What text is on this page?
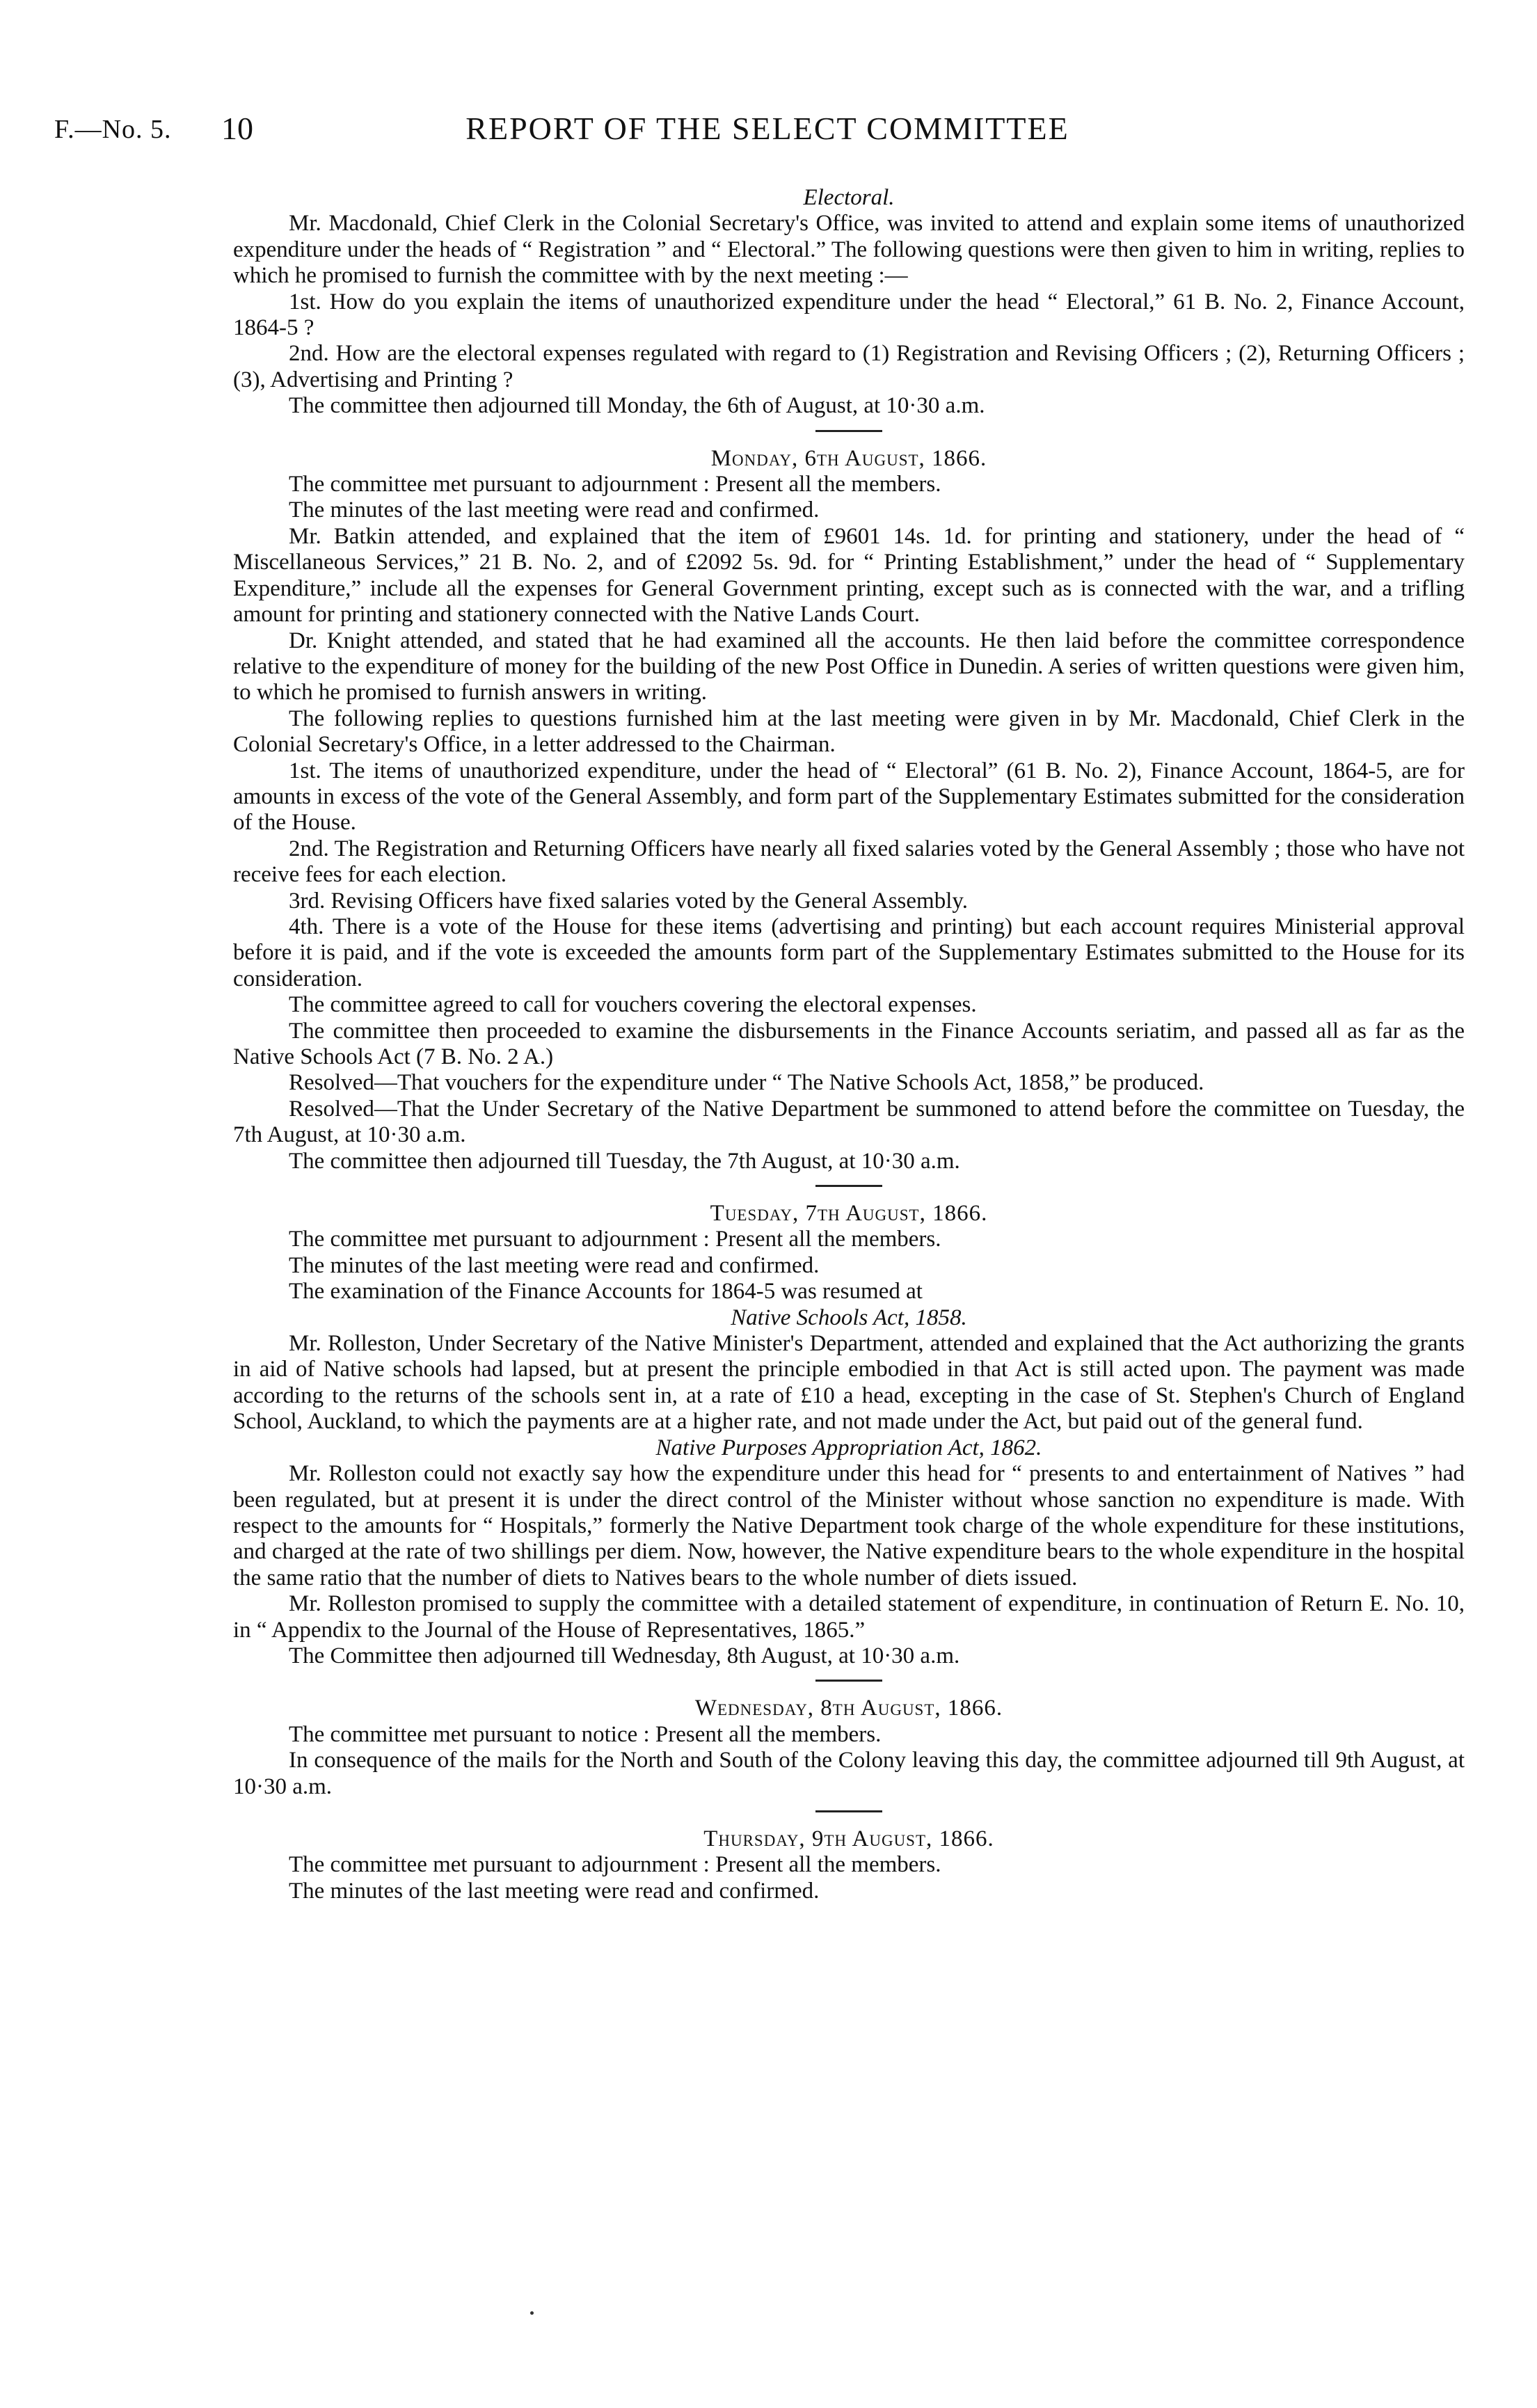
F.—No. 5. 10	REPORT OF THE SELECT COMMITTEE

Electoral.

Mr. Macdonald, Chief Clerk in the Colonial Secretary's Office, was invited to attend and explain some items of unauthorized expenditure under the heads of “ Registration ” and “ Electoral.” The following questions were then given to him in writing, replies to which he promised to furnish the committee with by the next meeting :—

1st. How do you explain the items of unauthorized expenditure under the head “ Electoral,” 61 B. No. 2, Finance Account, 1864-5 ?

2nd. How are the electoral expenses regulated with regard to (1) Registration and Revising Officers ; (2), Returning Officers ; (3), Advertising and Printing ?

The committee then adjourned till Monday, the 6th of August, at 10·30 a.m.

Monday, 6th August, 1866.

The committee met pursuant to adjournment : Present all the members.

The minutes of the last meeting were read and confirmed.

Mr. Batkin attended, and explained that the item of £9601 14s. 1d. for printing and stationery, under the head of “ Miscellaneous Services,” 21 B. No. 2, and of £2092 5s. 9d. for “ Printing Establishment,” under the head of “ Supplementary Expenditure,” include all the expenses for General Government printing, except such as is connected with the war, and a trifling amount for printing and stationery connected with the Native Lands Court.

Dr. Knight attended, and stated that he had examined all the accounts. He then laid before the committee correspondence relative to the expenditure of money for the building of the new Post Office in Dunedin. A series of written questions were given him, to which he promised to furnish answers in writing.

The following replies to questions furnished him at the last meeting were given in by Mr. Macdonald, Chief Clerk in the Colonial Secretary's Office, in a letter addressed to the Chairman.

1st. The items of unauthorized expenditure, under the head of “ Electoral” (61 B. No. 2), Finance Account, 1864-5, are for amounts in excess of the vote of the General Assembly, and form part of the Supplementary Estimates submitted for the consideration of the House.

2nd. The Registration and Returning Officers have nearly all fixed salaries voted by the General Assembly ; those who have not receive fees for each election.

3rd. Revising Officers have fixed salaries voted by the General Assembly.

4th. There is a vote of the House for these items (advertising and printing) but each account requires Ministerial approval before it is paid, and if the vote is exceeded the amounts form part of the Supplementary Estimates submitted to the House for its consideration.

The committee agreed to call for vouchers covering the electoral expenses.

The committee then proceeded to examine the disbursements in the Finance Accounts seriatim, and passed all as far as the Native Schools Act (7 B. No. 2 A.)

Resolved—That vouchers for the expenditure under “ The Native Schools Act, 1858,” be produced.

Resolved—That the Under Secretary of the Native Department be summoned to attend before the committee on Tuesday, the 7th August, at 10·30 a.m.

The committee then adjourned till Tuesday, the 7th August, at 10·30 a.m.

Tuesday, 7th August, 1866.

The committee met pursuant to adjournment : Present all the members.

The minutes of the last meeting were read and confirmed.

The examination of the Finance Accounts for 1864-5 was resumed at

Native Schools Act, 1858.

Mr. Rolleston, Under Secretary of the Native Minister's Department, attended and explained that the Act authorizing the grants in aid of Native schools had lapsed, but at present the principle embodied in that Act is still acted upon. The payment was made according to the returns of the schools sent in, at a rate of £10 a head, excepting in the case of St. Stephen's Church of England School, Auckland, to which the payments are at a higher rate, and not made under the Act, but paid out of the general fund.

Native Purposes Appropriation Act, 1862.

Mr. Rolleston could not exactly say how the expenditure under this head for “ presents to and entertainment of Natives ” had been regulated, but at present it is under the direct control of the Minister without whose sanction no expenditure is made. With respect to the amounts for “ Hospitals,” formerly the Native Department took charge of the whole expenditure for these institutions, and charged at the rate of two shillings per diem. Now, however, the Native expenditure bears to the whole expenditure in the hospital the same ratio that the number of diets to Natives bears to the whole number of diets issued.

Mr. Rolleston promised to supply the committee with a detailed statement of expenditure, in continuation of Return E. No. 10, in “ Appendix to the Journal of the House of Representatives, 1865.”

The Committee then adjourned till Wednesday, 8th August, at 10·30 a.m.

Wednesday, 8th August, 1866.

The committee met pursuant to notice : Present all the members.

In consequence of the mails for the North and South of the Colony leaving this day, the committee adjourned till 9th August, at 10·30 a.m.

Thursday, 9th August, 1866.

The committee met pursuant to adjournment : Present all the members.

The minutes of the last meeting were read and confirmed.
